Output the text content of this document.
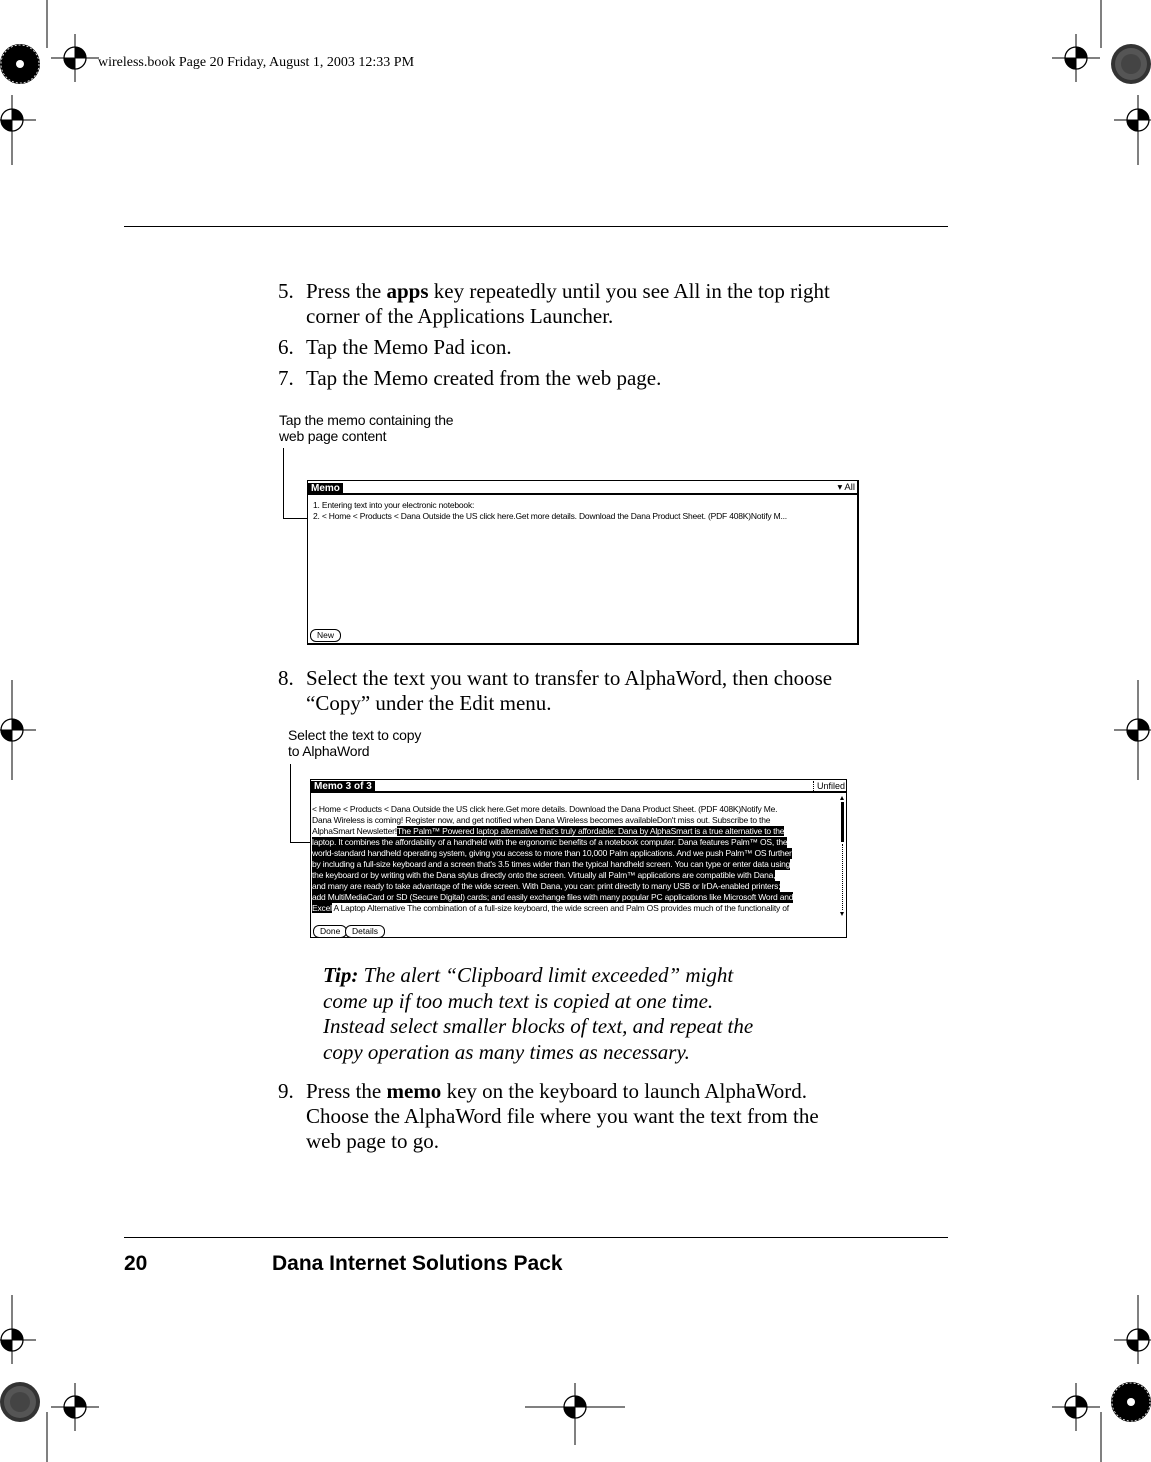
wireless.book Page 20 Friday, August 1, 2003 12:33 PM
5. Press the apps key repeatedly until you see All in the top right
corner of the Applications Launcher.
6. Tap the Memo Pad icon.
7. Tap the Memo created from the web page.
Tap the memo containing the
web page content
Memo	▾ All
1. Entering text into your electronic notebook:
2. < Home < Products < Dana Outside the US click here.Get more details. Download the Dana Product Sheet. (PDF 408K)Notify M...
New
8. Select the text you want to transfer to AlphaWord, then choose
“Copy” under the Edit menu.
Select the text to copy
to AlphaWord
Memo 3 of 3	Unfiled
< Home < Products < Dana Outside the US click here.Get more details. Download the Dana Product Sheet. (PDF 408K)Notify Me.
Dana Wireless is coming! Register now, and get notified when Dana Wireless becomes availableDon't miss out. Subscribe to the
AlphaSmart Newsletter!The Palm™ Powered laptop alternative that's truly affordable: Dana by AlphaSmart is a true alternative to the
laptop. It combines the affordability of a handheld with the ergonomic benefits of a notebook computer. Dana features Palm™ OS, the
world-standard handheld operating system, giving you access to more than 10,000 Palm applications. And we push Palm™ OS further
by including a full-size keyboard and a screen that's 3.5 times wider than the typical handheld screen. You can type or enter data using
the keyboard or by writing with the Dana stylus directly onto the screen. Virtually all Palm™ applications are compatible with Dana,
and many are ready to take advantage of the wide screen. With Dana, you can: print directly to many USB or IrDA-enabled printers;
add MultiMediaCard or SD (Secure Digital) cards; and easily exchange files with many popular PC applications like Microsoft Word and
Excel A Laptop Alternative The combination of a full-size keyboard, the wide screen and Palm OS provides much of the functionality of
Done	Details
Tip: The alert “Clipboard limit exceeded” might
come up if too much text is copied at one time.
Instead select smaller blocks of text, and repeat the
copy operation as many times as necessary.
9. Press the memo key on the keyboard to launch AlphaWord.
Choose the AlphaWord file where you want the text from the
web page to go.
20	Dana Internet Solutions Pack
